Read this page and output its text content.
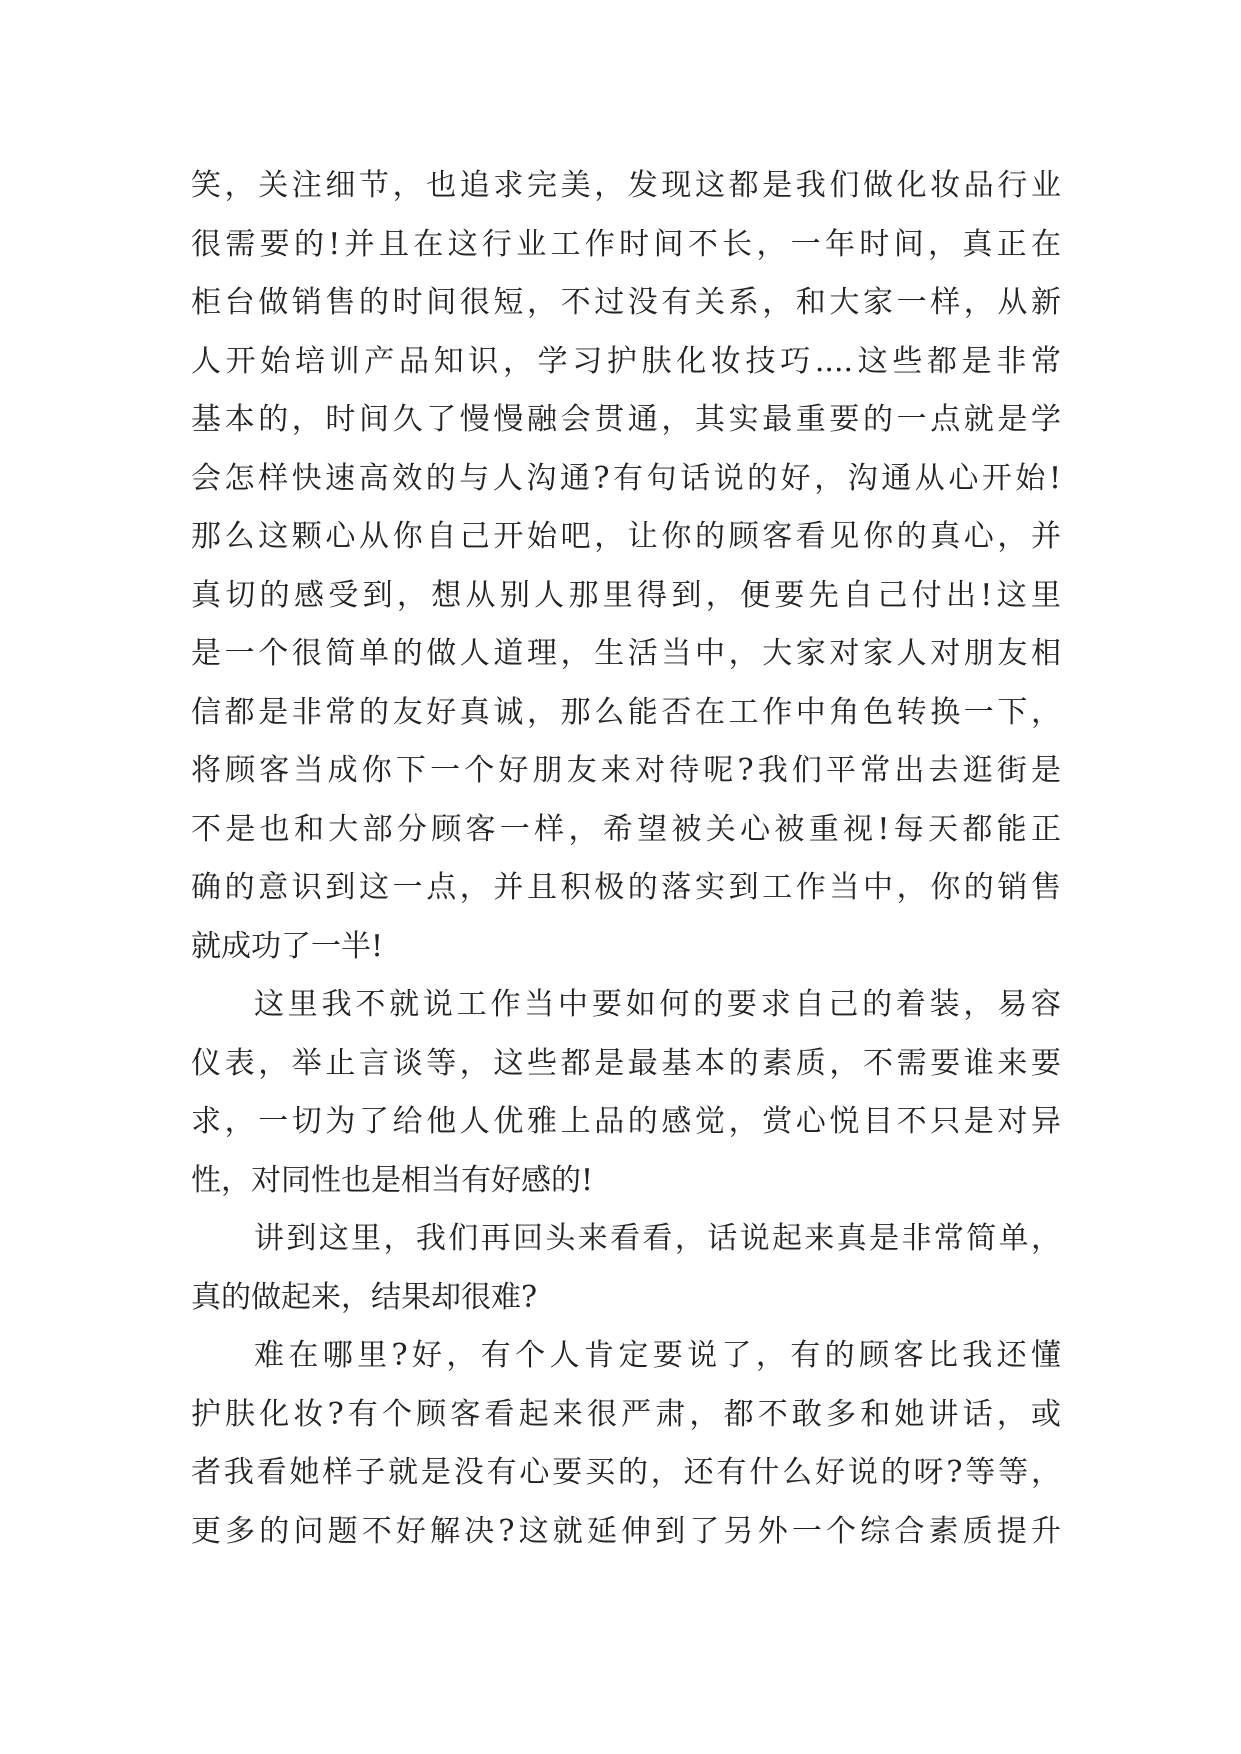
笑，关注细节，也追求完美，发现这都是我们做化妆品行业
很需要的!并且在这行业工作时间不长，一年时间，真正在
柜台做销售的时间很短，不过没有关系，和大家一样，从新
人开始培训产品知识，学习护肤化妆技巧....这些都是非常
基本的，时间久了慢慢融会贯通，其实最重要的一点就是学
会怎样快速高效的与人沟通?有句话说的好，沟通从心开始!
那么这颗心从你自己开始吧，让你的顾客看见你的真心，并
真切的感受到，想从别人那里得到，便要先自己付出!这里
是一个很简单的做人道理，生活当中，大家对家人对朋友相
信都是非常的友好真诚，那么能否在工作中角色转换一下，
将顾客当成你下一个好朋友来对待呢?我们平常出去逛街是
不是也和大部分顾客一样，希望被关心被重视!每天都能正
确的意识到这一点，并且积极的落实到工作当中，你的销售
就成功了一半!
这里我不就说工作当中要如何的要求自己的着装，易容
仪表，举止言谈等，这些都是最基本的素质，不需要谁来要
求，一切为了给他人优雅上品的感觉，赏心悦目不只是对异
性，对同性也是相当有好感的!
讲到这里，我们再回头来看看，话说起来真是非常简单，
真的做起来，结果却很难?
难在哪里?好，有个人肯定要说了，有的顾客比我还懂
护肤化妆?有个顾客看起来很严肃，都不敢多和她讲话，或
者我看她样子就是没有心要买的，还有什么好说的呀?等等，
更多的问题不好解决?这就延伸到了另外一个综合素质提升
